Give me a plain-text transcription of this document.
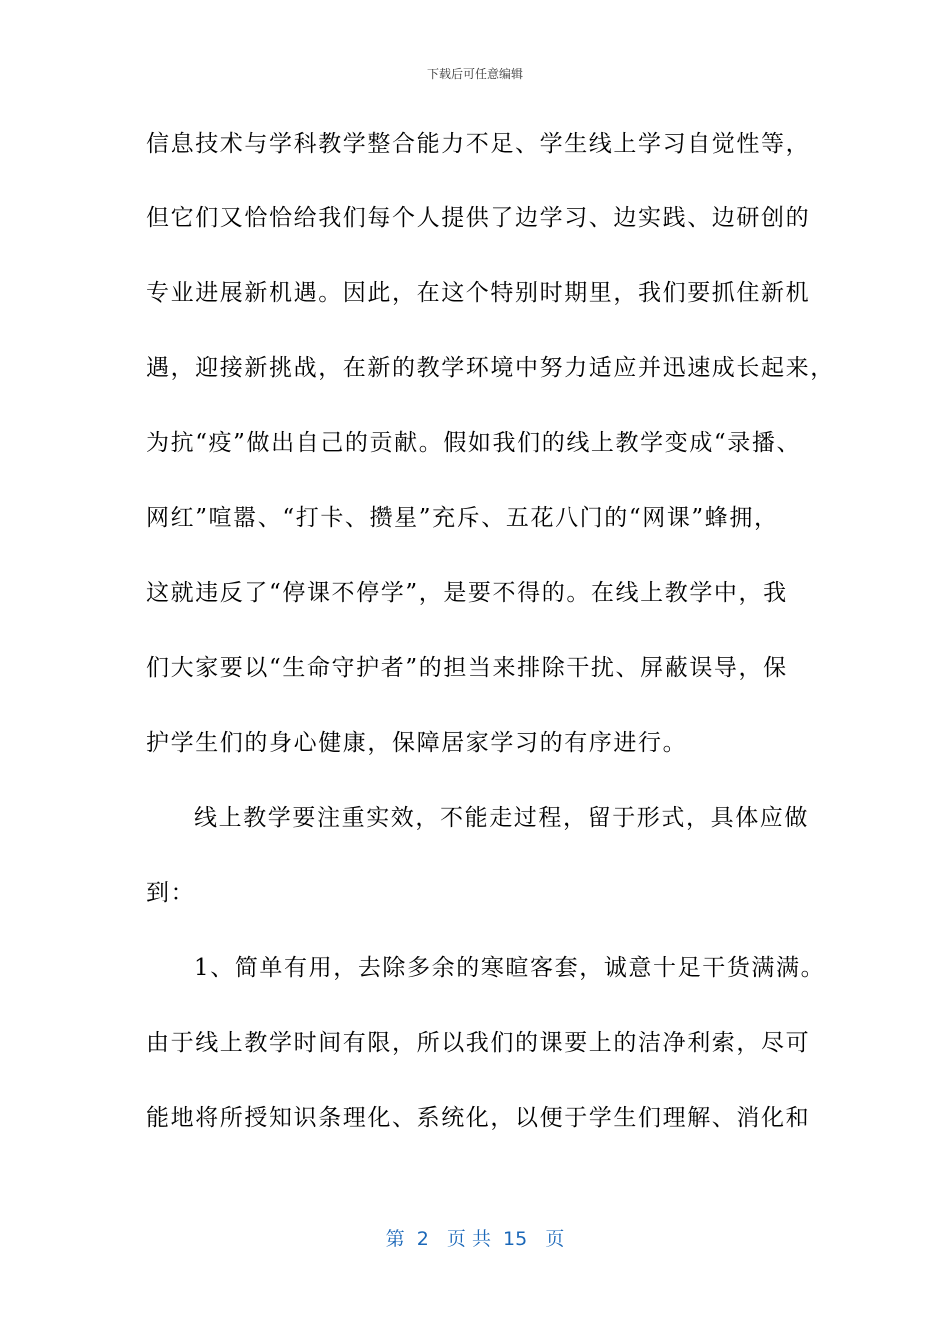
下载后可任意编辑
信息技术与学科教学整合能力不足、学生线上学习自觉性等，
但它们又恰恰给我们每个人提供了边学习、边实践、边研创的
专业进展新机遇。因此，在这个特别时期里，我们要抓住新机
遇，迎接新挑战，在新的教学环境中努力适应并迅速成长起来，
为抗“疫”做出自己的贡献。假如我们的线上教学变成“录播、
网红”喧嚣、“打卡、攒星”充斥、五花八门的“网课”蜂拥，
这就违反了“停课不停学”，是要不得的。在线上教学中，我
们大家要以“生命守护者”的担当来排除干扰、屏蔽误导，保
护学生们的身心健康，保障居家学习的有序进行。
线上教学要注重实效，不能走过程，留于形式，具体应做
到：
1、简单有用，去除多余的寒暄客套，诚意十足干货满满。
由于线上教学时间有限，所以我们的课要上的洁净利索，尽可
能地将所授知识条理化、系统化，以便于学生们理解、消化和
第  2   页 共  15   页
